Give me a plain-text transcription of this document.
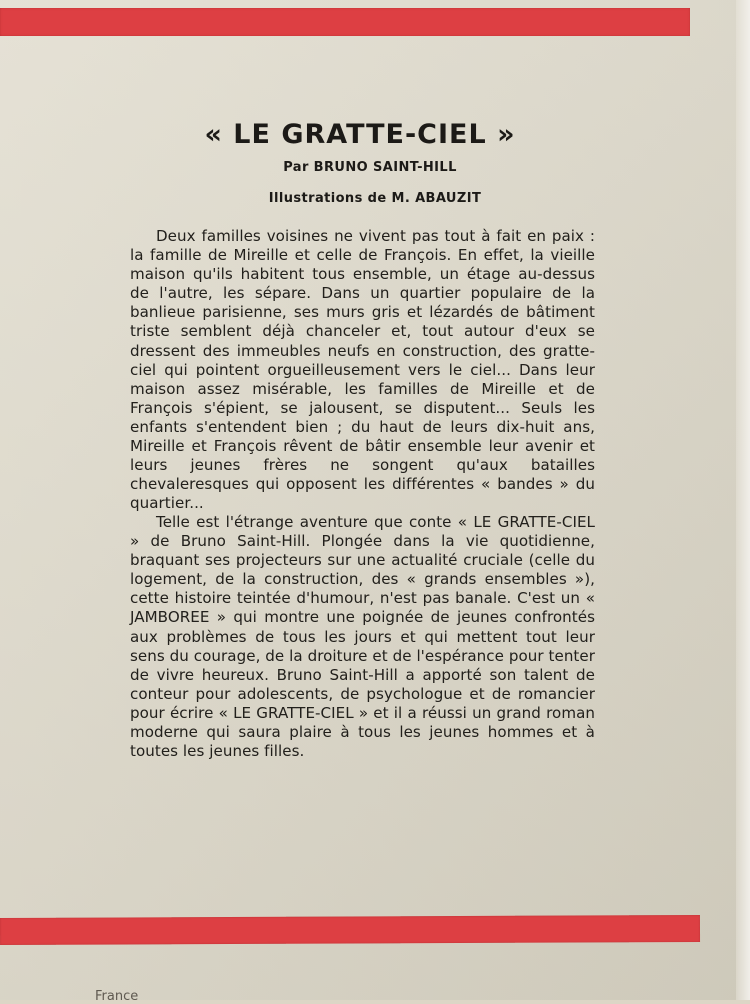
« LE GRATTE-CIEL »
Par BRUNO SAINT-HILL
Illustrations de M. ABAUZIT

Deux familles voisines ne vivent pas tout à fait en paix : la famille de Mireille et celle de François. En effet, la vieille maison qu'ils habitent tous ensemble, un étage au-dessus de l'autre, les sépare. Dans un quartier populaire de la banlieue parisienne, ses murs gris et lézardés de bâtiment triste semblent déjà chanceler et, tout autour d'eux se dressent des immeubles neufs en construction, des gratte-ciel qui pointent orgueilleusement vers le ciel... Dans leur maison assez misérable, les familles de Mireille et de François s'épient, se jalousent, se disputent... Seuls les enfants s'entendent bien ; du haut de leurs dix-huit ans, Mireille et François rêvent de bâtir ensemble leur avenir et leurs jeunes frères ne songent qu'aux batailles chevaleresques qui opposent les différentes « bandes » du quartier...

Telle est l'étrange aventure que conte « LE GRATTE-CIEL » de Bruno Saint-Hill. Plongée dans la vie quotidienne, braquant ses projecteurs sur une actualité cruciale (celle du logement, de la construction, des « grands ensembles »), cette histoire teintée d'humour, n'est pas banale. C'est un « JAMBOREE » qui montre une poignée de jeunes confrontés aux problèmes de tous les jours et qui mettent tout leur sens du courage, de la droiture et de l'espérance pour tenter de vivre heureux. Bruno Saint-Hill a apporté son talent de conteur pour adolescents, de psychologue et de romancier pour écrire « LE GRATTE-CIEL » et il a réussi un grand roman moderne qui saura plaire à tous les jeunes hommes et à toutes les jeunes filles.

France
